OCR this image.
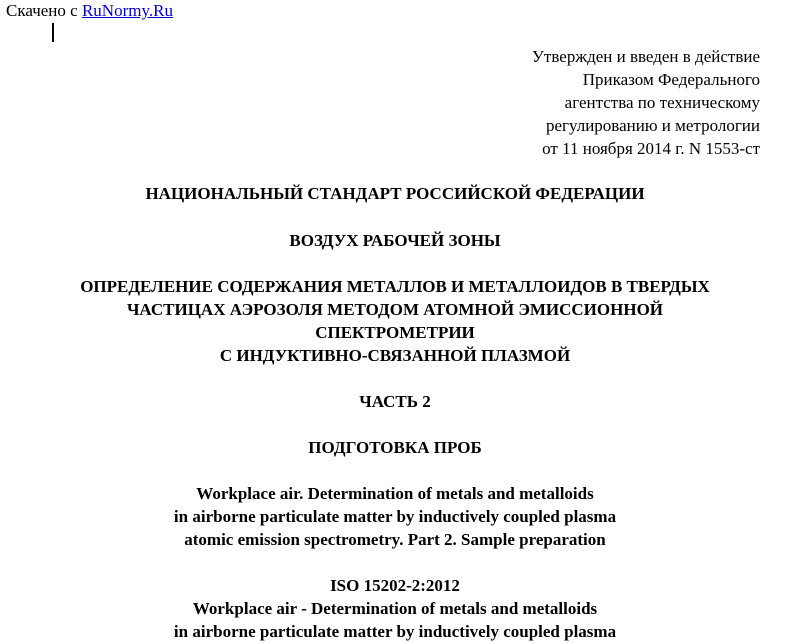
Скачено с RuNormy.Ru
Утвержден и введен в действие
Приказом Федерального
агентства по техническому
регулированию и метрологии
от 11 ноября 2014 г. N 1553-ст
НАЦИОНАЛЬНЫЙ СТАНДАРТ РОССИЙСКОЙ ФЕДЕРАЦИИ
ВОЗДУХ РАБОЧЕЙ ЗОНЫ
ОПРЕДЕЛЕНИЕ СОДЕРЖАНИЯ МЕТАЛЛОВ И МЕТАЛЛОИДОВ В ТВЕРДЫХ
ЧАСТИЦАХ АЭРОЗОЛЯ МЕТОДОМ АТОМНОЙ ЭМИССИОННОЙ
СПЕКТРОМЕТРИИ
С ИНДУКТИВНО-СВЯЗАННОЙ ПЛАЗМОЙ
ЧАСТЬ 2
ПОДГОТОВКА ПРОБ
Workplace air. Determination of metals and metalloids
in airborne particulate matter by inductively coupled plasma
atomic emission spectrometry. Part 2. Sample preparation
ISO 15202-2:2012
Workplace air - Determination of metals and metalloids
in airborne particulate matter by inductively coupled plasma
